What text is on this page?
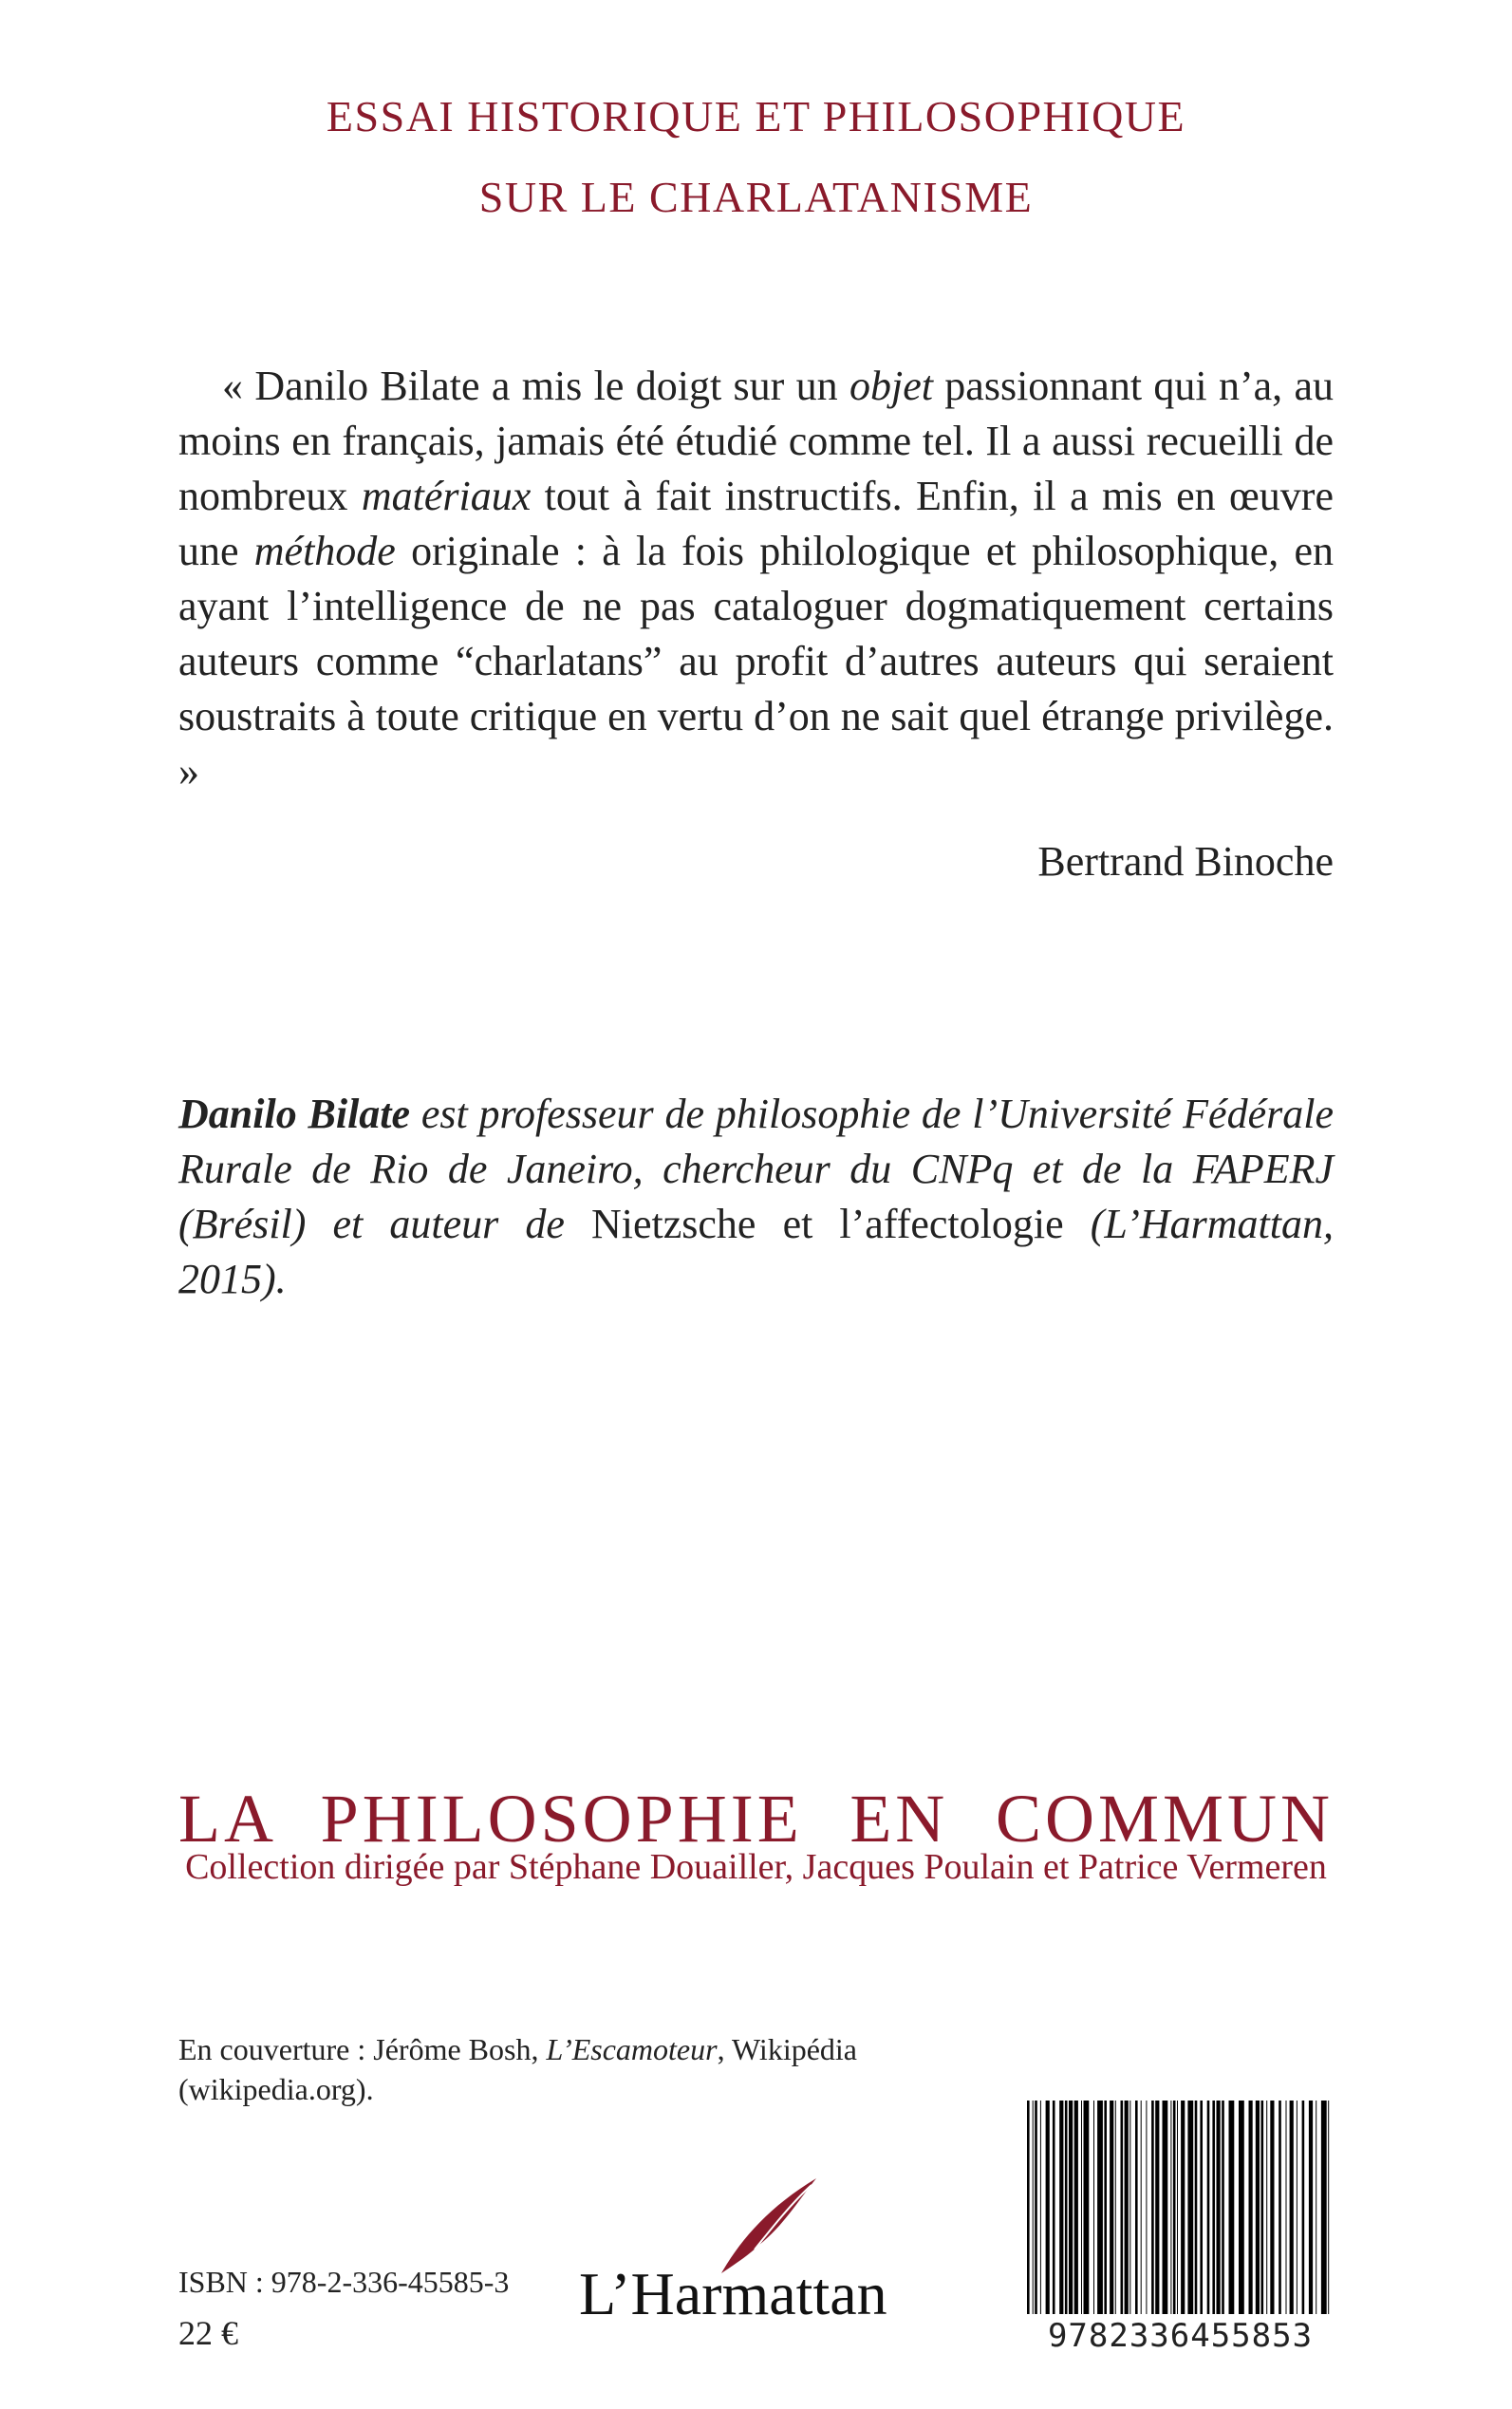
ESSAI HISTORIQUE ET PHILOSOPHIQUE
SUR LE CHARLATANISME

« Danilo Bilate a mis le doigt sur un objet passionnant qui n’a, au moins en français, jamais été étudié comme tel. Il a aussi recueilli de nombreux matériaux tout à fait instructifs. Enfin, il a mis en œuvre une méthode originale : à la fois philologique et philosophique, en ayant l’intelligence de ne pas cataloguer dogmatiquement certains auteurs comme “charlatans” au profit d’autres auteurs qui seraient soustraits à toute critique en vertu d’on ne sait quel étrange privilège. »

Bertrand Binoche

Danilo Bilate est professeur de philosophie de l’Université Fédérale Rurale de Rio de Janeiro, chercheur du CNPq et de la FAPERJ (Brésil) et auteur de Nietzsche et l’affectologie (L’Harmattan, 2015).

LA PHILOSOPHIE EN COMMUN
Collection dirigée par Stéphane Douailler, Jacques Poulain et Patrice Vermeren
En couverture : Jérôme Bosh, L’Escamoteur, Wikipédia
(wikipedia.org).
ISBN : 978-2-336-45585-3
22 €
L’Harmattan
9782336455853
